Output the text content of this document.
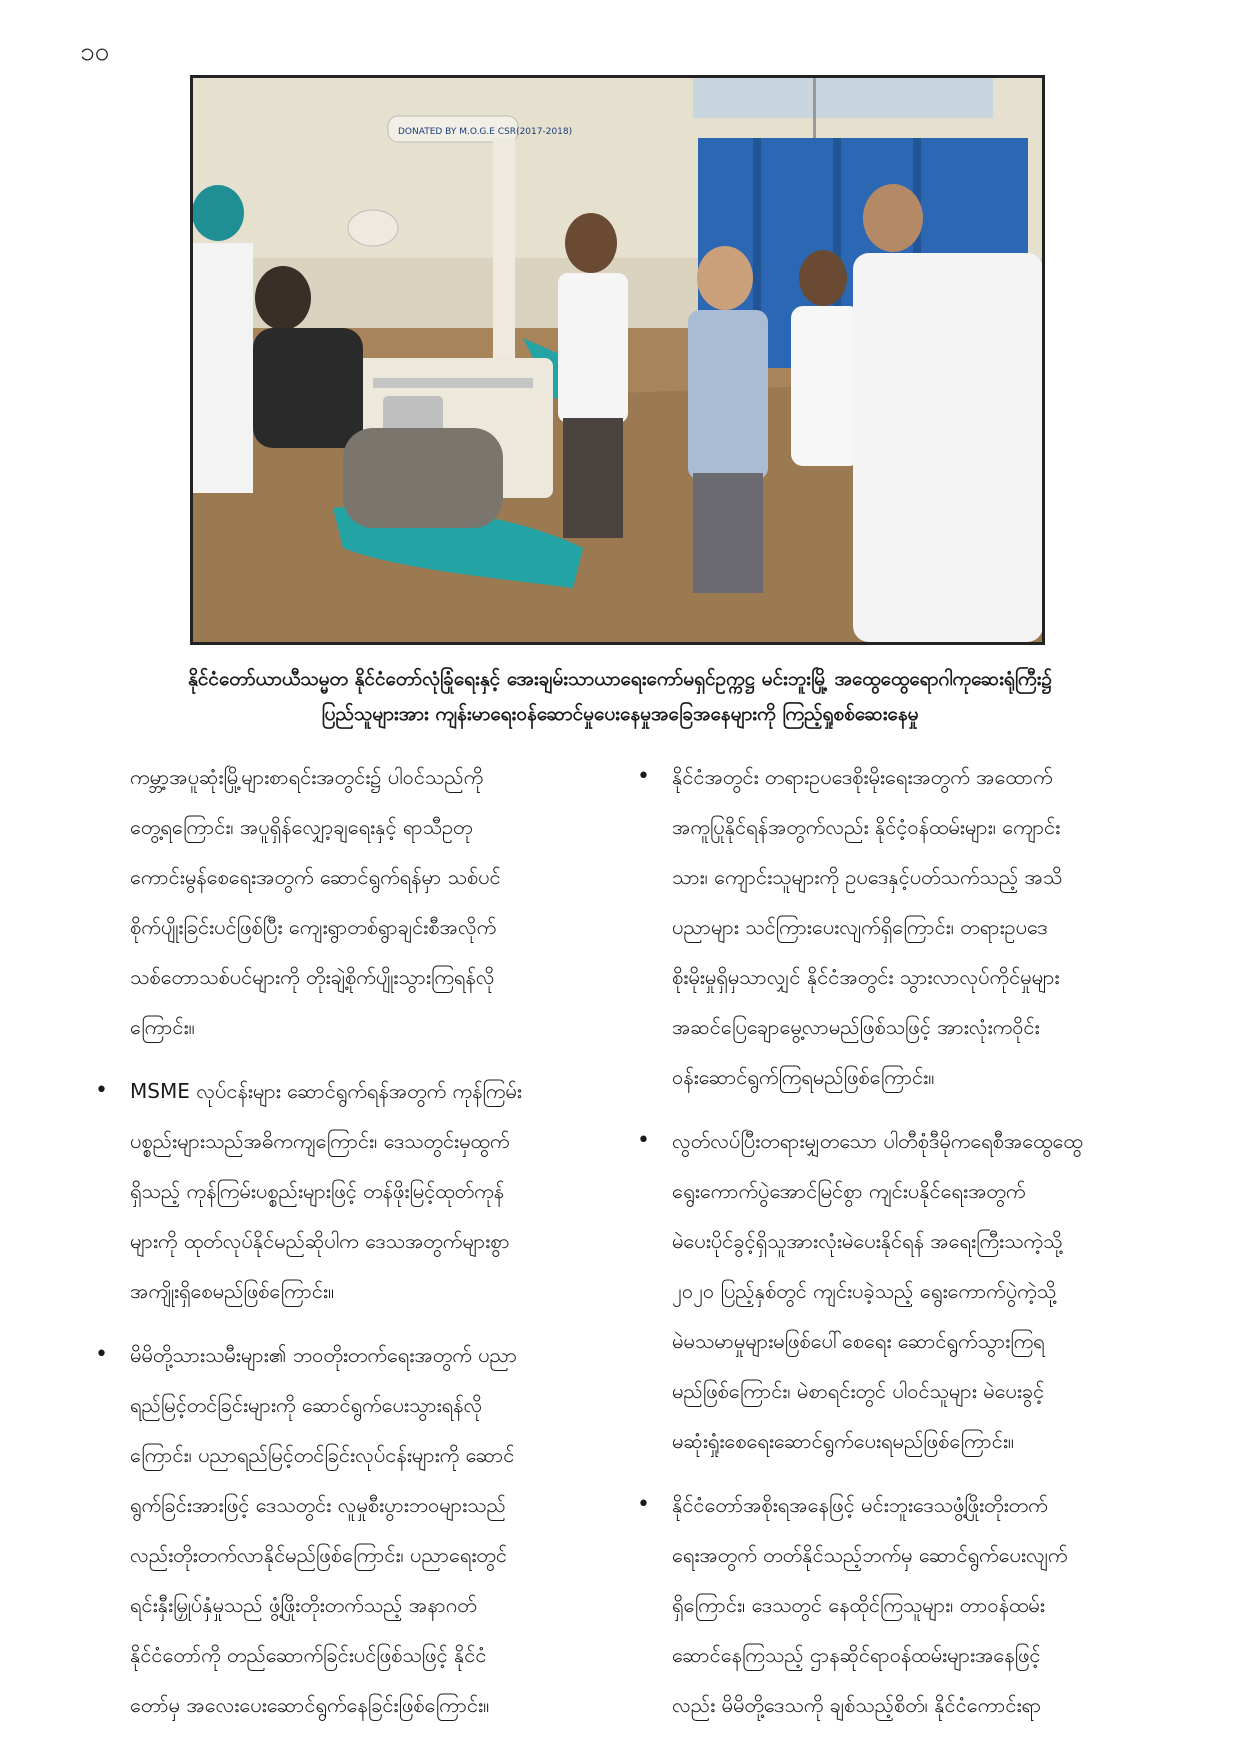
၁၀
DONATED BY M.O.G.E CSR(2017-2018)
နိုင်ငံတော်ယာယီသမ္မတ နိုင်ငံတော်လုံခြုံရေးနှင့် အေးချမ်းသာယာရေးကော်မရှင်ဥက္ကဋ္ဌ မင်းဘူးမြို့ အထွေထွေရောဂါကုဆေးရုံကြီး၌
ပြည်သူများအား ကျန်းမာရေးဝန်ဆောင်မှုပေးနေမှုအခြေအနေများကို ကြည့်ရှုစစ်ဆေးနေမှု
ကမ္ဘာ့အပူဆုံးမြို့များစာရင်းအတွင်း၌ ပါဝင်သည်ကို
တွေ့ရကြောင်း၊ အပူရှိန်လျှော့ချရေးနှင့် ရာသီဥတု
ကောင်းမွန်စေရေးအတွက် ဆောင်ရွက်ရန်မှာ သစ်ပင်
စိုက်ပျိုးခြင်းပင်ဖြစ်ပြီး ကျေးရွာတစ်ရွာချင်းစီအလိုက်
သစ်တောသစ်ပင်များကို တိုးချဲ့စိုက်ပျိုးသွားကြရန်လို
ကြောင်း။
• MSME လုပ်ငန်းများ ဆောင်ရွက်ရန်အတွက် ကုန်ကြမ်း
ပစ္စည်းများသည်အဓိကကျကြောင်း၊ ဒေသတွင်းမှထွက်
ရှိသည့် ကုန်ကြမ်းပစ္စည်းများဖြင့် တန်ဖိုးမြင့်ထုတ်ကုန်
များကို ထုတ်လုပ်နိုင်မည်ဆိုပါက ဒေသအတွက်များစွာ
အကျိုးရှိစေမည်ဖြစ်ကြောင်း။
• မိမိတို့သားသမီးများ၏ ဘဝတိုးတက်ရေးအတွက် ပညာ
ရည်မြင့်တင်ခြင်းများကို ဆောင်ရွက်ပေးသွားရန်လို
ကြောင်း၊ ပညာရည်မြင့်တင်ခြင်းလုပ်ငန်းများကို ဆောင်
ရွက်ခြင်းအားဖြင့် ဒေသတွင်း လူမှုစီးပွားဘဝများသည်
လည်းတိုးတက်လာနိုင်မည်ဖြစ်ကြောင်း၊ ပညာရေးတွင်
ရင်းနှီးမြှုပ်နှံမှုသည် ဖွံ့ဖြိုးတိုးတက်သည့် အနာဂတ်
နိုင်ငံတော်ကို တည်ဆောက်ခြင်းပင်ဖြစ်သဖြင့် နိုင်ငံ
တော်မှ အလေးပေးဆောင်ရွက်နေခြင်းဖြစ်ကြောင်း။
• နိုင်ငံအတွင်း တရားဥပဒေစိုးမိုးရေးအတွက် အထောက်
အကူပြုနိုင်ရန်အတွက်လည်း နိုင်ငံ့ဝန်ထမ်းများ၊ ကျောင်း
သား၊ ကျောင်းသူများကို ဥပဒေနှင့်ပတ်သက်သည့် အသိ
ပညာများ သင်ကြားပေးလျက်ရှိကြောင်း၊ တရားဥပဒေ
စိုးမိုးမှုရှိမှသာလျှင် နိုင်ငံအတွင်း သွားလာလုပ်ကိုင်မှုများ
အဆင်ပြေချောမွေ့လာမည်ဖြစ်သဖြင့် အားလုံးကဝိုင်း
ဝန်းဆောင်ရွက်ကြရမည်ဖြစ်ကြောင်း။
• လွတ်လပ်ပြီးတရားမျှတသော ပါတီစုံဒီမိုကရေစီအထွေထွေ
ရွေးကောက်ပွဲအောင်မြင်စွာ ကျင်းပနိုင်ရေးအတွက်
မဲပေးပိုင်ခွင့်ရှိသူအားလုံးမဲပေးနိုင်ရန် အရေးကြီးသကဲ့သို့
၂၀၂၀ ပြည့်နှစ်တွင် ကျင်းပခဲ့သည့် ရွေးကောက်ပွဲကဲ့သို့
မဲမသမာမှုများမဖြစ်ပေါ်စေရေး ဆောင်ရွက်သွားကြရ
မည်ဖြစ်ကြောင်း၊ မဲစာရင်းတွင် ပါဝင်သူများ မဲပေးခွင့်
မဆုံးရှုံးစေရေးဆောင်ရွက်ပေးရမည်ဖြစ်ကြောင်း။
• နိုင်ငံတော်အစိုးရအနေဖြင့် မင်းဘူးဒေသဖွံ့ဖြိုးတိုးတက်
ရေးအတွက် တတ်နိုင်သည့်ဘက်မှ ဆောင်ရွက်ပေးလျက်
ရှိကြောင်း၊ ဒေသတွင် နေထိုင်ကြသူများ၊ တာဝန်ထမ်း
ဆောင်နေကြသည့် ဌာနဆိုင်ရာဝန်ထမ်းများအနေဖြင့်
လည်း မိမိတို့ဒေသကို ချစ်သည့်စိတ်၊ နိုင်ငံကောင်းရာ
